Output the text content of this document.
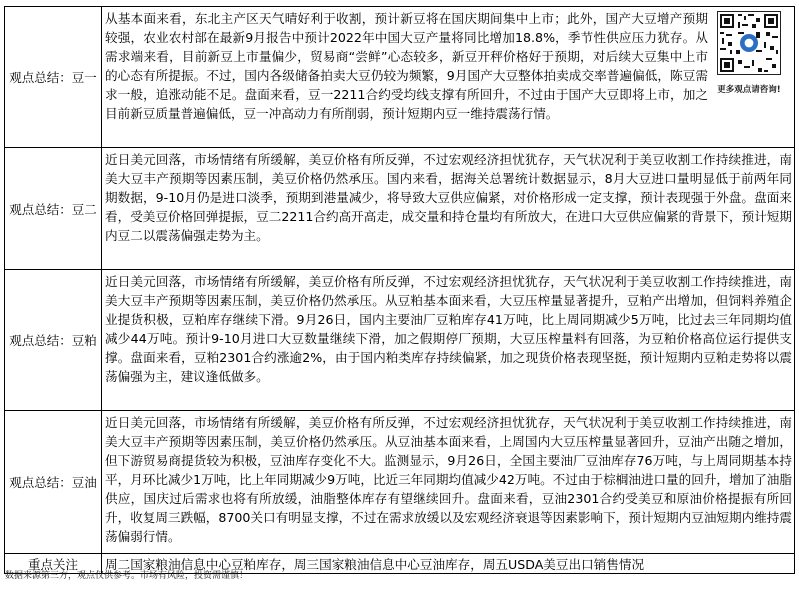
观点总结：豆一	从基本面来看，东北主产区天气晴好利于收割，预计新豆将在国庆期间集中上市；此外，国产大豆增产预期较强，农业农村部在最新9月报告中预计2022年中国大豆产量将同比增加18.8%，季节性供应压力犹存。从需求端来看，目前新豆上市量偏少，贸易商“尝鲜”心态较多，新豆开秤价格好于预期，对后续大豆集中上市的心态有所提振。不过，国内各级储备拍卖大豆仍较为频繁，9月国产大豆整体拍卖成交率普遍偏低，陈豆需求一般，追涨动能不足。盘面来看，豆一2211合约受均线支撑有所回升，不过由于国产大豆即将上市，加之目前新豆质量普遍偏低，豆一冲高动力有所削弱，预计短期内豆一维持震荡行情。
更多观点请咨询!

观点总结：豆二	近日美元回落，市场情绪有所缓解，美豆价格有所反弹，不过宏观经济担忧犹存，天气状况利于美豆收割工作持续推进，南美大豆丰产预期等因素压制，美豆价格仍然承压。国内来看，据海关总署统计数据显示，8月大豆进口量明显低于前两年同期数据，9-10月仍是进口淡季，预期到港量减少，将导致大豆供应偏紧，对价格形成一定支撑，预计表现强于外盘。盘面来看，受美豆价格回弹提振，豆二2211合约高开高走，成交量和持仓量均有所放大，在进口大豆供应偏紧的背景下，预计短期内豆二以震荡偏强走势为主。
观点总结：豆粕	近日美元回落，市场情绪有所缓解，美豆价格有所反弹，不过宏观经济担忧犹存，天气状况利于美豆收割工作持续推进，南美大豆丰产预期等因素压制，美豆价格仍然承压。从豆粕基本面来看，大豆压榨量显著提升，豆粕产出增加，但饲料养殖企业提货积极，豆粕库存继续下滑。9月26日，国内主要油厂豆粕库存41万吨，比上周同期减少5万吨，比过去三年同期均值减少44万吨。预计9-10月进口大豆数量继续下滑，加之假期停厂预期，大豆压榨量料有回落，为豆粕价格高位运行提供支撑。盘面来看，豆粕2301合约涨逾2%，由于国内粕类库存持续偏紧，加之现货价格表现坚挺，预计短期内豆粕走势将以震荡偏强为主，建议逢低做多。
观点总结：豆油	近日美元回落，市场情绪有所缓解，美豆价格有所反弹，不过宏观经济担忧犹存，天气状况利于美豆收割工作持续推进，南美大豆丰产预期等因素压制，美豆价格仍然承压。从豆油基本面来看，上周国内大豆压榨量显著回升，豆油产出随之增加，但下游贸易商提货较为积极，豆油库存变化不大。监测显示，9月26日，全国主要油厂豆油库存76万吨，与上周同期基本持平，月环比减少1万吨，比上年同期减少9万吨，比近三年同期均值减少42万吨。不过由于棕榈油进口量的回升，增加了油脂供应，国庆过后需求也将有所放缓，油脂整体库存有望继续回升。盘面来看，豆油2301合约受美豆和原油价格提振有所回升，收复周三跌幅，8700关口有明显支撑，不过在需求放缓以及宏观经济衰退等因素影响下，预计短期内豆油短期内维持震荡偏弱行情。
重点关注	周二国家粮油信息中心豆粕库存，周三国家粮油信息中心豆油库存，周五USDA美豆出口销售情况
数据来源第三方，观点仅供参考。市场有风险，投资需谨慎！
